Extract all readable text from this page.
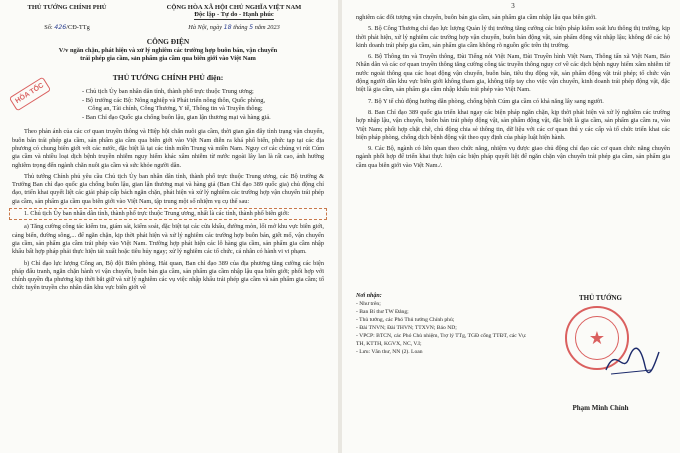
THỦ TƯỚNG CHÍNH PHỦ	CỘNG HÒA XÃ HỘI CHỦ NGHĨA VIỆT NAM
Độc lập - Tự do - Hạnh phúc
Số: 426/CĐ-TTg	Hà Nội, ngày 18 tháng 5 năm 2023
CÔNG ĐIỆN
V/v ngăn chặn, phát hiện và xử lý nghiêm các trường hợp buôn bán, vận chuyển
trái phép gia cầm, sản phẩm gia cầm qua biên giới vào Việt Nam
HỎA TỐC
THỦ TƯỚNG CHÍNH PHỦ điện:
- Chủ tịch Ủy ban nhân dân tỉnh, thành phố trực thuộc Trung ương;
- Bộ trưởng các Bộ: Nông nghiệp và Phát triển nông thôn, Quốc phòng,
Công an, Tài chính, Công Thương, Y tế, Thông tin và Truyền thông;
- Ban Chỉ đạo Quốc gia chống buôn lậu, gian lận thương mại và hàng giả.

Theo phản ánh của các cơ quan truyền thông và Hiệp hội chăn nuôi gia cầm, thời gian gần đây tình trạng vận chuyển, buôn bán trái phép gia cầm, sản phẩm gia cầm qua biên giới vào Việt Nam diễn ra khá phổ biến, phức tạp tại các địa phương có chung biên giới với các nước, đặc biệt là tại các tỉnh miền Trung và miền Nam. Nguy cơ các chủng vi rút Cúm gia cầm và nhiều loại dịch bệnh truyền nhiễm nguy hiểm khác xâm nhiễm từ nước ngoài lây lan là rất cao, ảnh hưởng nghiêm trọng đến ngành chăn nuôi gia cầm và sức khỏe người dân.

Thủ tướng Chính phủ yêu cầu Chủ tịch Ủy ban nhân dân tỉnh, thành phố trực thuộc Trung ương, các Bộ trưởng & Trưởng Ban chỉ đạo quốc gia chống buôn lậu, gian lận thương mại và hàng giả (Ban Chỉ đạo 389 quốc gia) chủ động chỉ đạo, triển khai quyết liệt các giải pháp cấp bách ngăn chặn, phát hiện và xử lý nghiêm các trường hợp vận chuyển trái phép gia cầm, sản phẩm gia cầm qua biên giới vào Việt Nam, tập trung một số nhiệm vụ cụ thể sau:

1. Chủ tịch Ủy ban nhân dân tỉnh, thành phố trực thuộc Trung ương, nhất là các tỉnh, thành phố biên giới:

a) Tăng cường công tác kiểm tra, giám sát, kiểm soát, đặc biệt tại các cửa khẩu, đường mòn, lối mở khu vực biên giới, cảng biển, đường sông,... để ngăn chặn, kịp thời phát hiện và xử lý nghiêm các trường hợp buôn bán, giết mổ, vận chuyển gia cầm, sản phẩm gia cầm trái phép vào Việt Nam. Trường hợp phát hiện các lô hàng gia cầm, sản phẩm gia cầm nhập khẩu bất hợp pháp phải thực hiện tái xuất hoặc tiêu hủy ngay; xử lý nghiêm các tổ chức, cá nhân có hành vi vi phạm.

b) Chỉ đạo lực lượng Công an, Bộ đội Biên phòng, Hải quan, Ban chỉ đạo 389 của địa phương tăng cường các biện pháp đấu tranh, ngăn chặn hành vi vận chuyển, buôn bán gia cầm, sản phẩm gia cầm nhập lậu qua biên giới; phối hợp với chính quyền địa phương kịp thời bắt giữ và xử lý nghiêm các vụ việc nhập khẩu trái phép gia cầm và sản phẩm gia cầm; tổ chức tuyên truyền cho nhân dân khu vực biên giới về

3

nghiêm các đối tượng vận chuyển, buôn bán gia cầm, sản phẩm gia cầm nhập lậu qua biên giới.

5. Bộ Công Thương chỉ đạo lực lượng Quản lý thị trường tăng cường các biện pháp kiểm soát lưu thông thị trường, kịp thời phát hiện, xử lý nghiêm các trường hợp vận chuyển, buôn bán động vật, sản phẩm động vật nhập lậu; không để các hộ kinh doanh trái phép gia cầm, sản phẩm gia cầm không rõ nguồn gốc trên thị trường.

6. Bộ Thông tin và Truyền thông, Đài Tiếng nói Việt Nam, Đài Truyền hình Việt Nam, Thông tấn xã Việt Nam, Báo Nhân dân và các cơ quan truyền thông tăng cường công tác truyền thông nguy cơ về các dịch bệnh nguy hiểm xâm nhiễm từ nước ngoài thông qua các hoạt động vận chuyển, buôn bán, tiêu thụ động vật, sản phẩm động vật trái phép; tổ chức vận động người dân khu vực biên giới không tham gia, không tiếp tay cho việc vận chuyển, kinh doanh trái phép động vật, đặc biệt là gia cầm, sản phẩm gia cầm nhập khẩu trái phép vào Việt Nam.

7. Bộ Y tế chủ động hướng dẫn phòng, chống bệnh Cúm gia cầm có khả năng lây sang người.

8. Ban Chỉ đạo 389 quốc gia triển khai ngay các biện pháp ngăn chặn, kịp thời phát hiện và xử lý nghiêm các trường hợp nhập lậu, vận chuyển, buôn bán trái phép động vật, sản phẩm động vật, đặc biệt là gia cầm, sản phẩm gia cầm ra, vào Việt Nam; phối hợp chặt chẽ, chủ động chia sẻ thông tin, dữ liệu với các cơ quan thú y các cấp và tổ chức triển khai các biện pháp phòng, chống dịch bệnh động vật theo quy định của pháp luật hiện hành.

9. Các Bộ, ngành có liên quan theo chức năng, nhiệm vụ được giao chủ động chỉ đạo các cơ quan chức năng chuyên ngành phối hợp để triển khai thực hiện các biện pháp quyết liệt để ngăn chặn vận chuyển trái phép gia cầm, sản phẩm gia cầm qua biên giới vào Việt Nam./.

Nơi nhận:
- Như trên;
- Ban Bí thư TW Đảng;
- Thủ tướng, các Phó Thủ tướng Chính phủ;
- Đài TNVN; Đài THVN; TTXVN; Báo ND;
- VPCP: BTCN, các Phó Chủ nhiệm, Trợ lý TTg, TGĐ cổng TTĐT, các Vụ: TH, KTTH, KGVX, NC, V.I;
- Lưu: Văn thư, NN (2). Loan
THỦ TƯỚNG
★
Phạm Minh Chính
